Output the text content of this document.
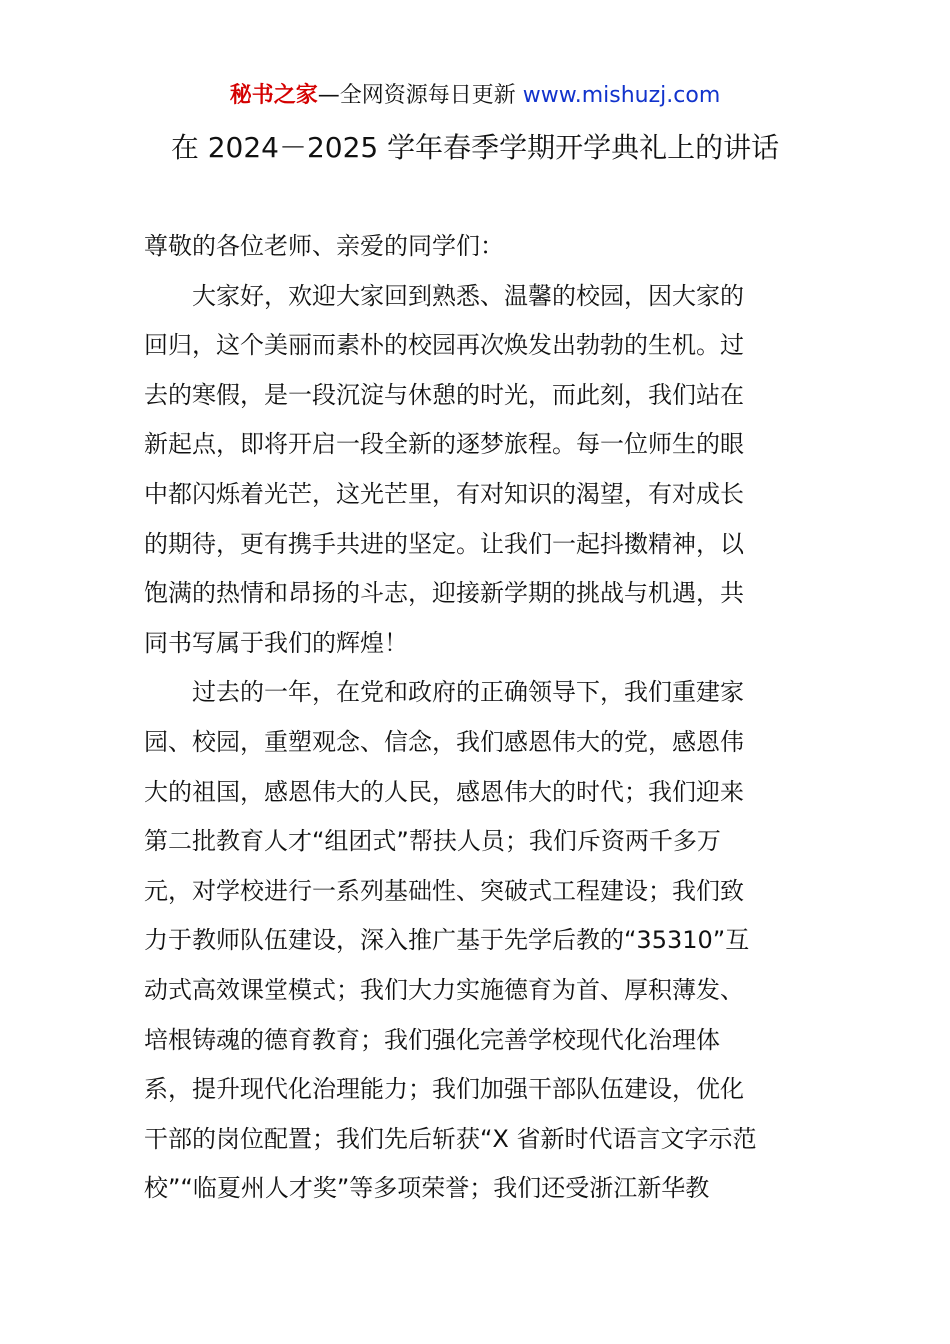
秘书之家—全网资源每日更新 www.mishuzj.com
在 2024－2025 学年春季学期开学典礼上的讲话
尊敬的各位老师、亲爱的同学们：
大家好，欢迎大家回到熟悉、温馨的校园，因大家的
回归，这个美丽而素朴的校园再次焕发出勃勃的生机。过
去的寒假，是一段沉淀与休憩的时光，而此刻，我们站在
新起点，即将开启一段全新的逐梦旅程。每一位师生的眼
中都闪烁着光芒，这光芒里，有对知识的渴望，有对成长
的期待，更有携手共进的坚定。让我们一起抖擞精神，以
饱满的热情和昂扬的斗志，迎接新学期的挑战与机遇，共
同书写属于我们的辉煌！
过去的一年，在党和政府的正确领导下，我们重建家
园、校园，重塑观念、信念，我们感恩伟大的党，感恩伟
大的祖国，感恩伟大的人民，感恩伟大的时代；我们迎来
第二批教育人才“组团式”帮扶人员；我们斥资两千多万
元，对学校进行一系列基础性、突破式工程建设；我们致
力于教师队伍建设，深入推广基于先学后教的“35310”互
动式高效课堂模式；我们大力实施德育为首、厚积薄发、
培根铸魂的德育教育；我们强化完善学校现代化治理体
系，提升现代化治理能力；我们加强干部队伍建设，优化
干部的岗位配置；我们先后斩获“X 省新时代语言文字示范
校”“临夏州人才奖”等多项荣誉；我们还受浙江新华教
